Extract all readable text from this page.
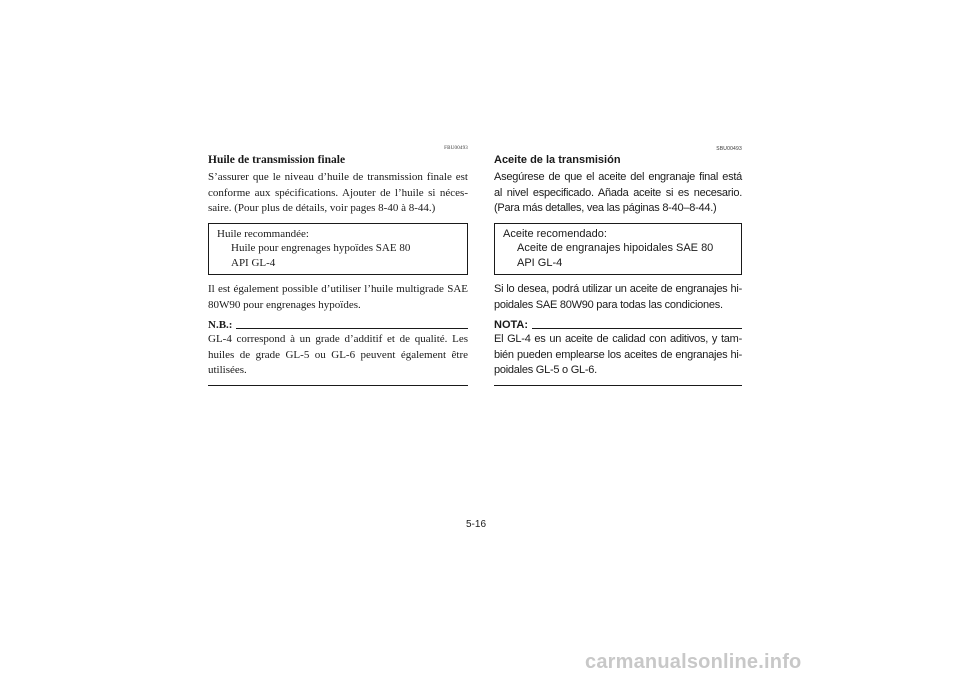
FBU00493
Huile de transmission finale

S’assurer que le niveau d’huile de transmission finale est conforme aux spécifications. Ajouter de l’huile si néces-saire. (Pour plus de détails, voir pages 8-40 à 8-44.)

Huile recommandée:
Huile pour engrenages hypoïdes SAE 80
API GL-4

Il est également possible d’utiliser l’huile multigrade SAE 80W90 pour engrenages hypoïdes.

N.B.:

GL-4 correspond à un grade d’additif et de qualité. Les huiles de grade GL-5 ou GL-6 peuvent également être utilisées.

SBU00493
Aceite de la transmisión

Asegúrese de que el aceite del engranaje final está al nivel especificado. Añada aceite si es necesario. (Para más detalles, vea las páginas 8-40–8-44.)

Aceite recomendado:
Aceite de engranajes hipoidales SAE 80
API GL-4

Si lo desea, podrá utilizar un aceite de engranajes hi-poidales SAE 80W90 para todas las condiciones.

NOTA:

El GL-4 es un aceite de calidad con aditivos, y tam-bién pueden emplearse los aceites de engranajes hi-poidales GL-5 o GL-6.

5-16
carmanualsonline.info
